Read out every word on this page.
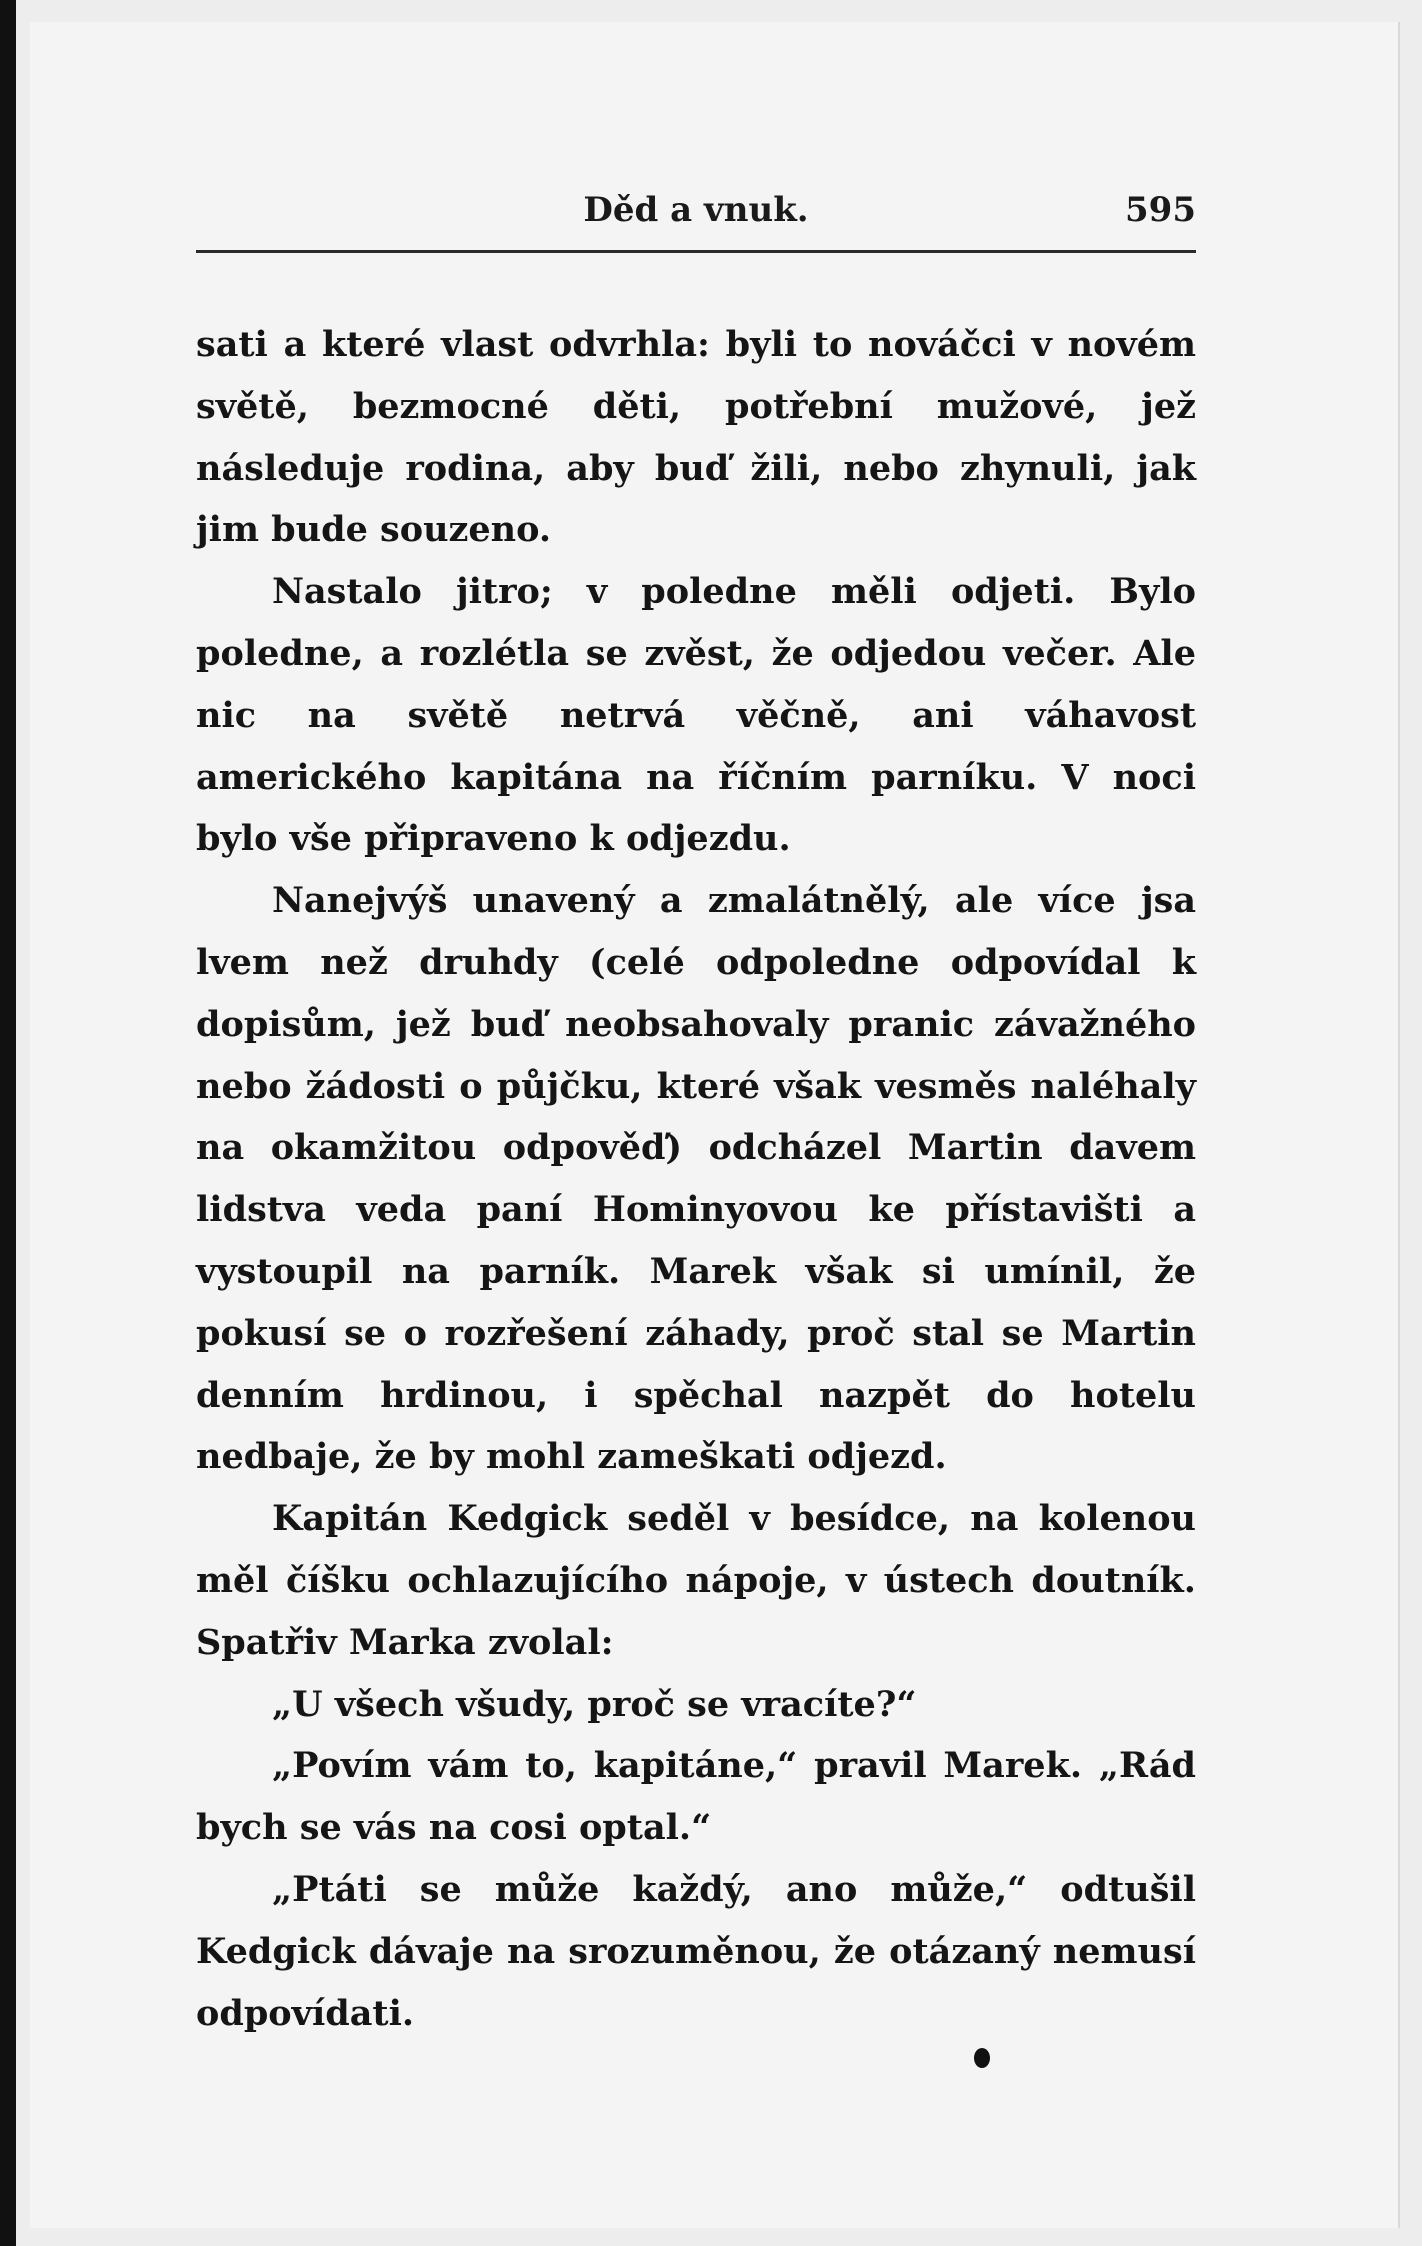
Děd a vnuk.	595

sati a které vlast odvrhla: byli to nováčci v novém světě, bezmocné děti, potřební mužové, jež následuje rodina, aby buď žili, nebo zhynuli, jak jim bude souzeno.

Nastalo jitro; v poledne měli odjeti. Bylo poledne, a rozlétla se zvěst, že odjedou večer. Ale nic na světě netrvá věčně, ani váhavost amerického kapitána na říčním parníku. V noci bylo vše připraveno k odjezdu.

Nanejvýš unavený a zmalátnělý, ale více jsa lvem než druhdy (celé odpoledne odpovídal k dopisům, jež buď neobsahovaly pranic závažného nebo žádosti o půjčku, které však vesměs naléhaly na okamžitou odpověď) odcházel Martin davem lidstva veda paní Hominyovou ke přístavišti a vystoupil na parník. Marek však si umínil, že pokusí se o rozřešení záhady, proč stal se Martin denním hrdinou, i spěchal nazpět do hotelu nedbaje, že by mohl zameškati odjezd.

Kapitán Kedgick seděl v besídce, na kolenou měl číšku ochlazujícího nápoje, v ústech doutník. Spatřiv Marka zvolal:

„U všech všudy, proč se vracíte?“

„Povím vám to, kapitáne,“ pravil Marek. „Rád bych se vás na cosi optal.“

„Ptáti se může každý, ano může,“ odtušil Kedgick dávaje na srozuměnou, že otázaný nemusí odpovídati.
